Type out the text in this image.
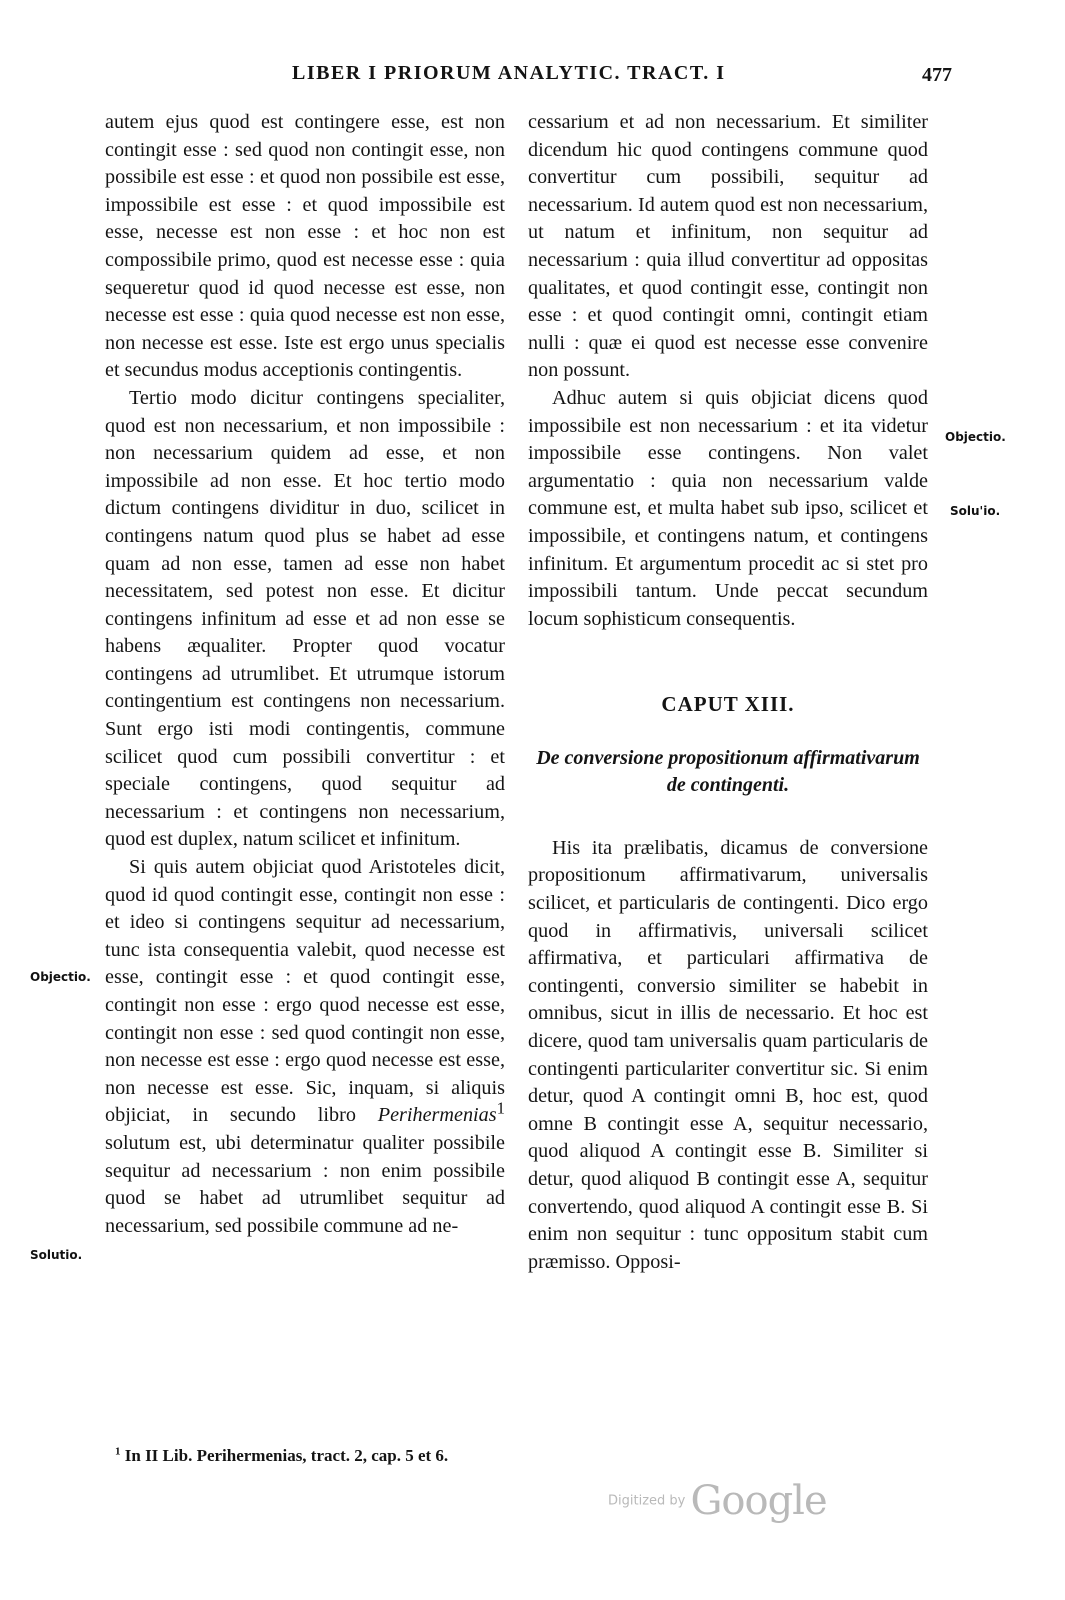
LIBER I PRIORUM ANALYTIC. TRACT. I	477

autem ejus quod est contingere esse, est non contingit esse : sed quod non contingit esse, non possibile est esse : et quod non possibile est esse, impossibile est esse : et quod impossibile est esse, necesse est non esse : et hoc non est compossibile primo, quod est necesse esse : quia sequeretur quod id quod necesse est esse, non necesse est esse : quia quod necesse est non esse, non necesse est esse. Iste est ergo unus specialis et secundus modus acceptionis contingentis.

Tertio modo dicitur contingens specialiter, quod est non necessarium, et non impossibile : non necessarium quidem ad esse, et non impossibile ad non esse. Et hoc tertio modo dictum contingens dividitur in duo, scilicet in contingens natum quod plus se habet ad esse quam ad non esse, tamen ad esse non habet necessitatem, sed potest non esse. Et dicitur contingens infinitum ad esse et ad non esse se habens æqualiter. Propter quod vocatur contingens ad utrumlibet. Et utrumque istorum contingentium est contingens non necessarium. Sunt ergo isti modi contingentis, commune scilicet quod cum possibili convertitur : et speciale contingens, quod sequitur ad necessarium : et contingens non necessarium, quod est duplex, natum scilicet et infinitum.

Si quis autem objiciat quod Aristoteles dicit, quod id quod contingit esse, contingit non esse : et ideo si contingens sequitur ad necessarium, tunc ista consequentia valebit, quod necesse est esse, contingit esse : et quod contingit esse, contingit non esse : ergo quod necesse est esse, contingit non esse : sed quod contingit non esse, non necesse est esse : ergo quod necesse est esse, non necesse est esse. Sic, inquam, si aliquis objiciat, in secundo libro Perihermenias$^1$ solutum est, ubi determinatur qualiter possibile sequitur ad necessarium : non enim possibile quod se habet ad utrumlibet sequitur ad necessarium, sed possibile commune ad ne-

cessarium et ad non necessarium. Et similiter dicendum hic quod contingens commune quod convertitur cum possibili, sequitur ad necessarium. Id autem quod est non necessarium, ut natum et infinitum, non sequitur ad necessarium : quia illud convertitur ad oppositas qualitates, et quod contingit esse, contingit non esse : et quod contingit omni, contingit etiam nulli : quæ ei quod est necesse esse convenire non possunt.

Adhuc autem si quis objiciat dicens quod impossibile est non necessarium : et ita videtur impossibile esse contingens. Non valet argumentatio : quia non necessarium valde commune est, et multa habet sub ipso, scilicet et impossibile, et contingens natum, et contingens infinitum. Et argumentum procedit ac si stet pro impossibili tantum. Unde peccat secundum locum sophisticum consequentis.

CAPUT XIII.

De conversione propositionum affirmativarum de contingenti.

His ita prælibatis, dicamus de conversione propositionum affirmativarum, universalis scilicet, et particularis de contingenti. Dico ergo quod in affirmativis, universali scilicet affirmativa, et particulari affirmativa de contingenti, conversio similiter se habebit in omnibus, sicut in illis de necessario. Et hoc est dicere, quod tam universalis quam particularis de contingenti particulariter convertitur sic. Si enim detur, quod A contingit omni B, hoc est, quod omne B contingit esse A, sequitur necessario, quod aliquod A contingit esse B. Similiter si detur, quod aliquod B contingit esse A, sequitur convertendo, quod aliquod A contingit esse B. Si enim non sequitur : tunc oppositum stabit cum præmisso. Opposi-

Objectio.
Solu'io.
Objectio.
Solutio.
$^1$ In II Lib. Perihermenias, tract. 2, cap. 5 et 6.
Digitized by Google
